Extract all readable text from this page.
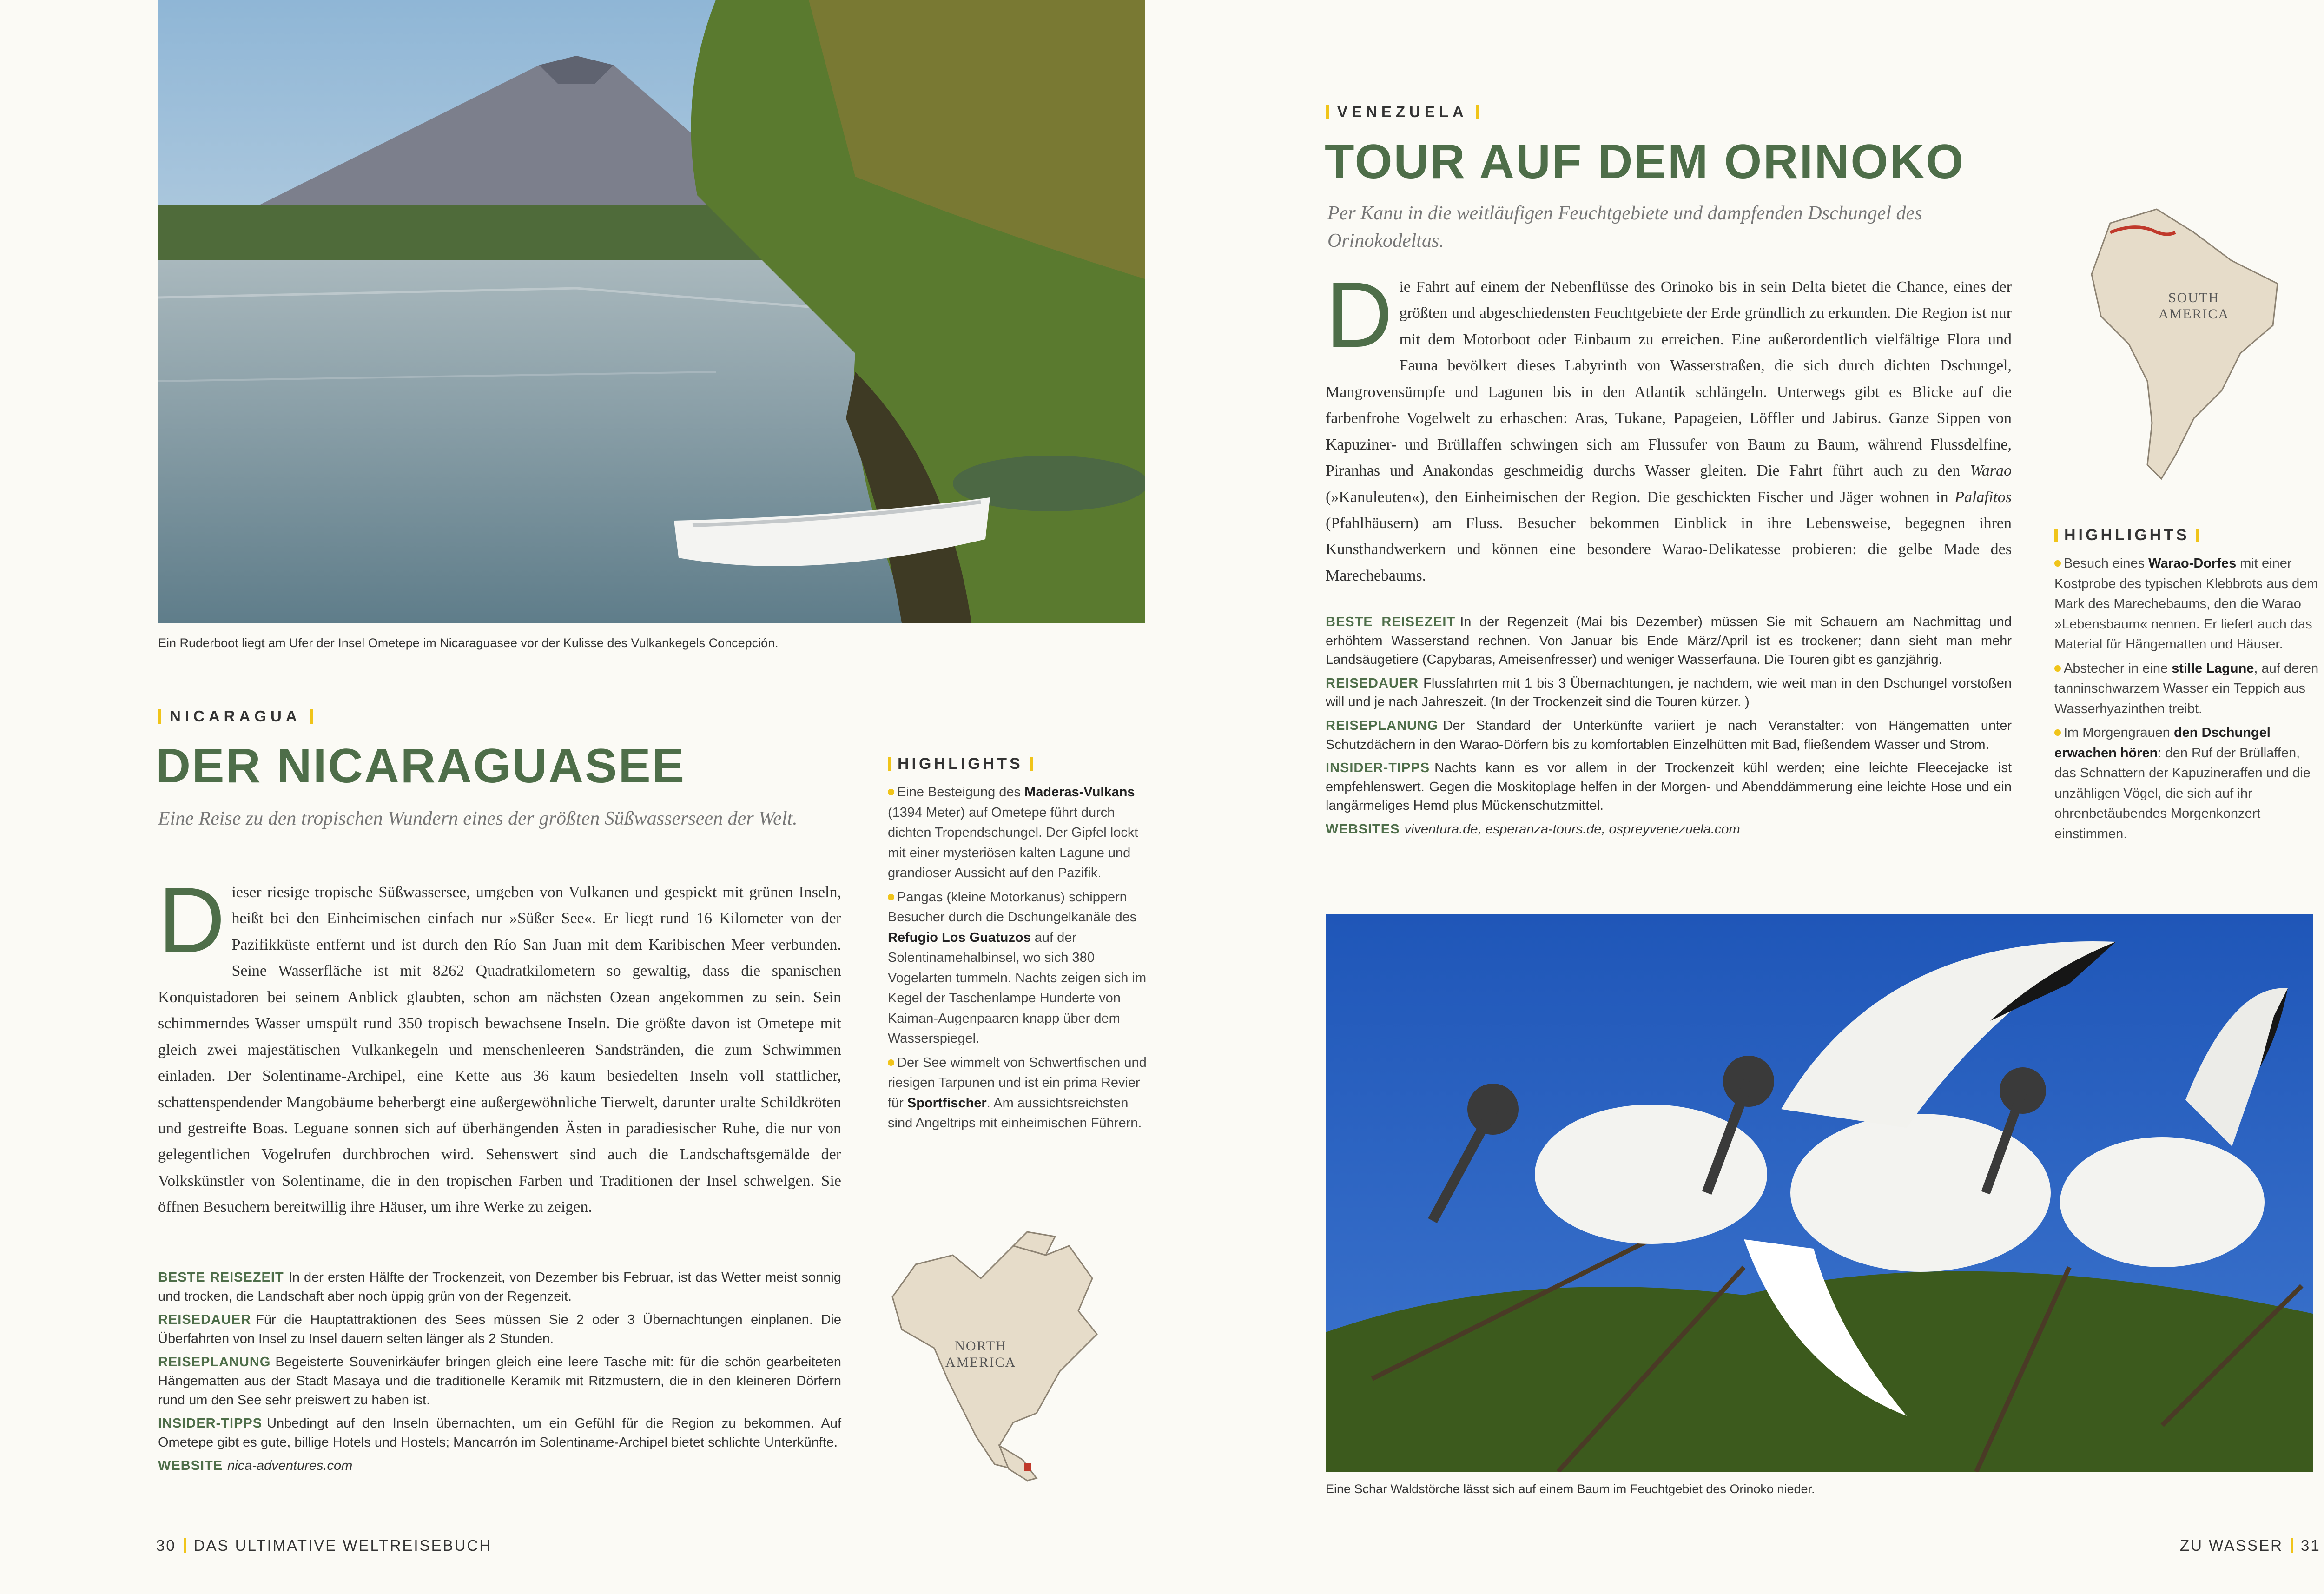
Ein Ruderboot liegt am Ufer der Insel Ometepe im Nicaraguasee vor der Kulisse des Vulkankegels Concepción.
NICARAGUA
DER NICARAGUASEE
Eine Reise zu den tropischen Wundern eines der größten Süßwasserseen der Welt.
Dieser riesige tropische Süßwassersee, umgeben von Vulkanen und gespickt mit grünen Inseln, heißt bei den Einheimischen einfach nur »Süßer See«. Er liegt rund 16 Kilometer von der Pazifikküste entfernt und ist durch den Río San Juan mit dem Karibischen Meer verbunden. Seine Wasserfläche ist mit 8262 Quadratkilometern so gewaltig, dass die spanischen Konquistadoren bei seinem Anblick glaubten, schon am nächsten Ozean angekommen zu sein. Sein schimmerndes Wasser umspült rund 350 tropisch bewachsene Inseln. Die größte davon ist Ometepe mit gleich zwei majestätischen Vulkankegeln und menschenleeren Sandstränden, die zum Schwimmen einladen. Der Solentiname-Archipel, eine Kette aus 36 kaum besiedelten Inseln voll stattlicher, schattenspendender Mangobäume beherbergt eine außergewöhnliche Tierwelt, darunter uralte Schildkröten und gestreifte Boas. Leguane sonnen sich auf überhängenden Ästen in paradiesischer Ruhe, die nur von gelegentlichen Vogelrufen durchbrochen wird. Sehenswert sind auch die Landschaftsgemälde der Volkskünstler von Solentiname, die in den tropischen Farben und Traditionen der Insel schwelgen. Sie öffnen Besuchern bereitwillig ihre Häuser, um ihre Werke zu zeigen.

BESTE REISEZEIT In der ersten Hälfte der Trockenzeit, von Dezember bis Februar, ist das Wetter meist sonnig und trocken, die Landschaft aber noch üppig grün von der Regenzeit.

REISEDAUER Für die Hauptattraktionen des Sees müssen Sie 2 oder 3 Übernachtungen einplanen. Die Überfahrten von Insel zu Insel dauern selten länger als 2 Stunden.

REISEPLANUNG Begeisterte Souvenirkäufer bringen gleich eine leere Tasche mit: für die schön gearbeiteten Hängematten aus der Stadt Masaya und die traditionelle Keramik mit Ritzmustern, die in den kleineren Dörfern rund um den See sehr preiswert zu haben ist.

INSIDER-TIPPS Unbedingt auf den Inseln übernachten, um ein Gefühl für die Region zu bekommen. Auf Ometepe gibt es gute, billige Hotels und Hostels; Mancarrón im Solentiname-Archipel bietet schlichte Unterkünfte.

WEBSITE nica-adventures.com

HIGHLIGHTS

Eine Besteigung des Maderas-Vulkans (1394 Meter) auf Ometepe führt durch dichten Tropendschungel. Der Gipfel lockt mit einer mysteriösen kalten Lagune und grandioser Aussicht auf den Pazifik.

Pangas (kleine Motorkanus) schippern Besucher durch die Dschungelkanäle des Refugio Los Guatuzos auf der Solentinamehalbinsel, wo sich 380 Vogelarten tummeln. Nachts zeigen sich im Kegel der Taschenlampe Hunderte von Kaiman-Augenpaaren knapp über dem Wasserspiegel.

Der See wimmelt von Schwertfischen und riesigen Tarpunen und ist ein prima Revier für Sportfischer. Am aussichtsreichsten sind Angeltrips mit einheimischen Führern.

NORTH
AMERICA
30 DAS ULTIMATIVE WELTREISEBUCH
VENEZUELA
TOUR AUF DEM ORINOKO
Per Kanu in die weitläufigen Feuchtgebiete und dampfenden Dschungel des Orinokodeltas.
Die Fahrt auf einem der Nebenflüsse des Orinoko bis in sein Delta bietet die Chance, eines der größten und abgeschiedensten Feuchtgebiete der Erde gründlich zu erkunden. Die Region ist nur mit dem Motorboot oder Einbaum zu erreichen. Eine außerordentlich vielfältige Flora und Fauna bevölkert dieses Labyrinth von Wasserstraßen, die sich durch dichten Dschungel, Mangrovensümpfe und Lagunen bis in den Atlantik schlängeln. Unterwegs gibt es Blicke auf die farbenfrohe Vogelwelt zu erhaschen: Aras, Tukane, Papageien, Löffler und Jabirus. Ganze Sippen von Kapuziner- und Brüllaffen schwingen sich am Flussufer von Baum zu Baum, während Flussdelfine, Piranhas und Anakondas geschmeidig durchs Wasser gleiten. Die Fahrt führt auch zu den Warao (»Kanuleuten«), den Einheimischen der Region. Die geschickten Fischer und Jäger wohnen in Palafitos (Pfahlhäusern) am Fluss. Besucher bekommen Einblick in ihre Lebensweise, begegnen ihren Kunsthandwerkern und können eine besondere Warao-Delikatesse probieren: die gelbe Made des Marechebaums.

BESTE REISEZEIT In der Regenzeit (Mai bis Dezember) müssen Sie mit Schauern am Nachmittag und erhöhtem Wasserstand rechnen. Von Januar bis Ende März/April ist es trockener; dann sieht man mehr Landsäugetiere (Capybaras, Ameisenfresser) und weniger Wasserfauna. Die Touren gibt es ganzjährig.

REISEDAUER Flussfahrten mit 1 bis 3 Übernachtungen, je nachdem, wie weit man in den Dschungel vorstoßen will und je nach Jahreszeit. (In der Trockenzeit sind die Touren kürzer. )

REISEPLANUNG Der Standard der Unterkünfte variiert je nach Veranstalter: von Hängematten unter Schutzdächern in den Warao-Dörfern bis zu komfortablen Einzelhütten mit Bad, fließendem Wasser und Strom.

INSIDER-TIPPS Nachts kann es vor allem in der Trockenzeit kühl werden; eine leichte Fleecejacke ist empfehlenswert. Gegen die Moskitoplage helfen in der Morgen- und Abenddämmerung eine leichte Hose und ein langärmeliges Hemd plus Mückenschutzmittel.

WEBSITES viventura.de, esperanza-tours.de, ospreyvenezuela.com

SOUTH
AMERICA
HIGHLIGHTS

Besuch eines Warao-Dorfes mit einer Kostprobe des typischen Klebbrots aus dem Mark des Marechebaums, den die Warao »Lebensbaum« nennen. Er liefert auch das Material für Hängematten und Häuser.

Abstecher in eine stille Lagune, auf deren tanninschwarzem Wasser ein Teppich aus Wasserhyazinthen treibt.

Im Morgengrauen den Dschungel erwachen hören: den Ruf der Brüllaffen, das Schnattern der Kapuzineraffen und die unzähligen Vögel, die sich auf ihr ohrenbetäubendes Morgenkonzert einstimmen.

Eine Schar Waldstörche lässt sich auf einem Baum im Feuchtgebiet des Orinoko nieder.
ZU WASSER 31
